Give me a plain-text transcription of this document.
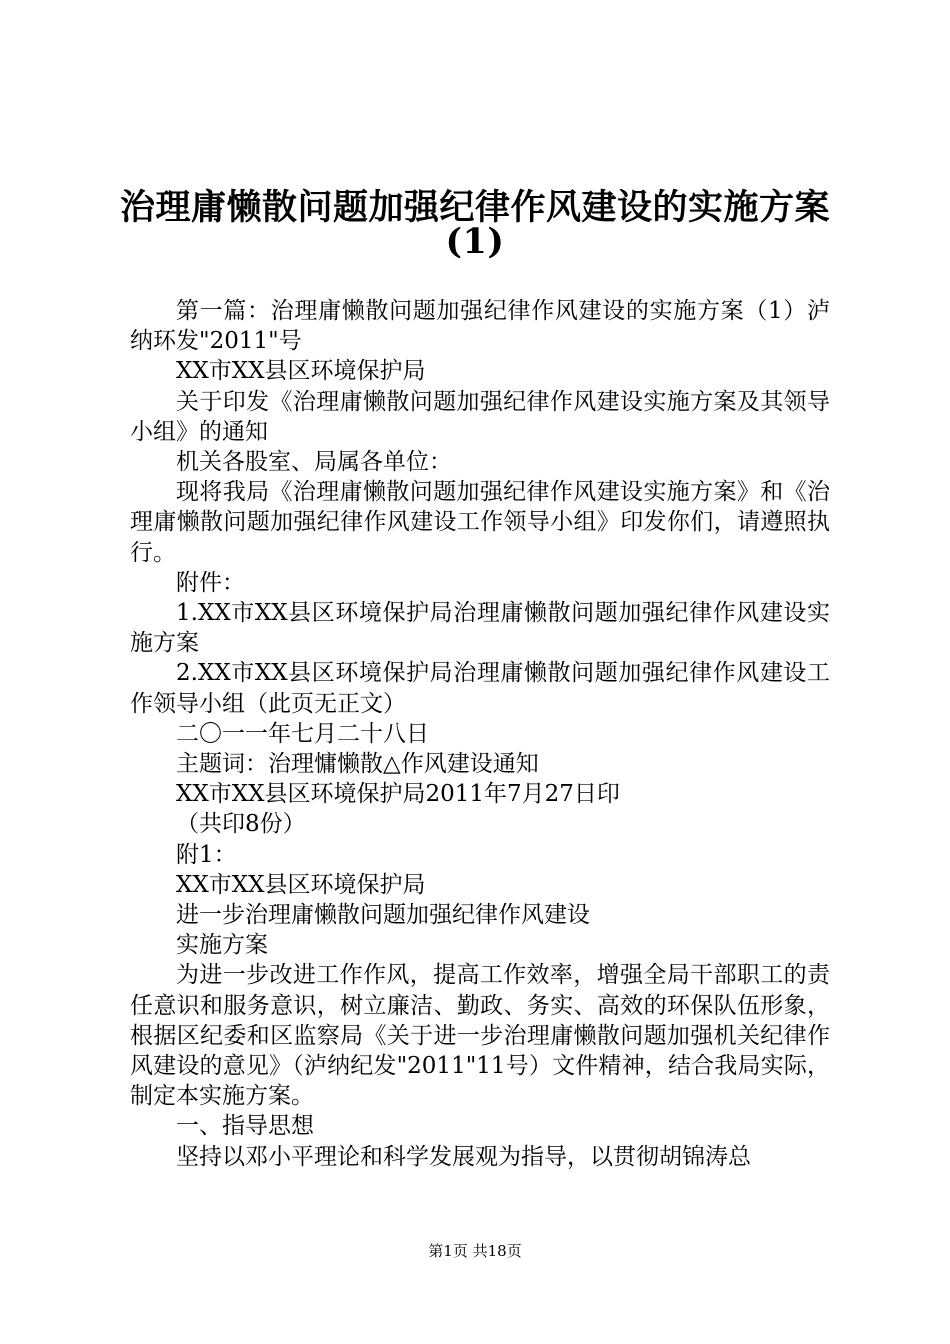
治理庸懒散问题加强纪律作风建设的实施方案
(1)

第一篇：治理庸懒散问题加强纪律作风建设的实施方案（1）泸纳环发"2011"号

XX市XX县区环境保护局

关于印发《治理庸懒散问题加强纪律作风建设实施方案及其领导小组》的通知

机关各股室、局属各单位：

现将我局《治理庸懒散问题加强纪律作风建设实施方案》和《治理庸懒散问题加强纪律作风建设工作领导小组》印发你们，请遵照执行。

附件：

1.XX市XX县区环境保护局治理庸懒散问题加强纪律作风建设实施方案

2.XX市XX县区环境保护局治理庸懒散问题加强纪律作风建设工作领导小组（此页无正文）

二〇一一年七月二十八日

主题词：治理慵懒散△作风建设通知

XX市XX县区环境保护局2011年7月27日印

（共印8份）

附1：

XX市XX县区环境保护局

进一步治理庸懒散问题加强纪律作风建设

实施方案

为进一步改进工作作风，提高工作效率，增强全局干部职工的责任意识和服务意识，树立廉洁、勤政、务实、高效的环保队伍形象，根据区纪委和区监察局《关于进一步治理庸懒散问题加强机关纪律作风建设的意见》（泸纳纪发"2011"11号）文件精神，结合我局实际，制定本实施方案。

一、指导思想

坚持以邓小平理论和科学发展观为指导，以贯彻胡锦涛总

第1页 共18页
